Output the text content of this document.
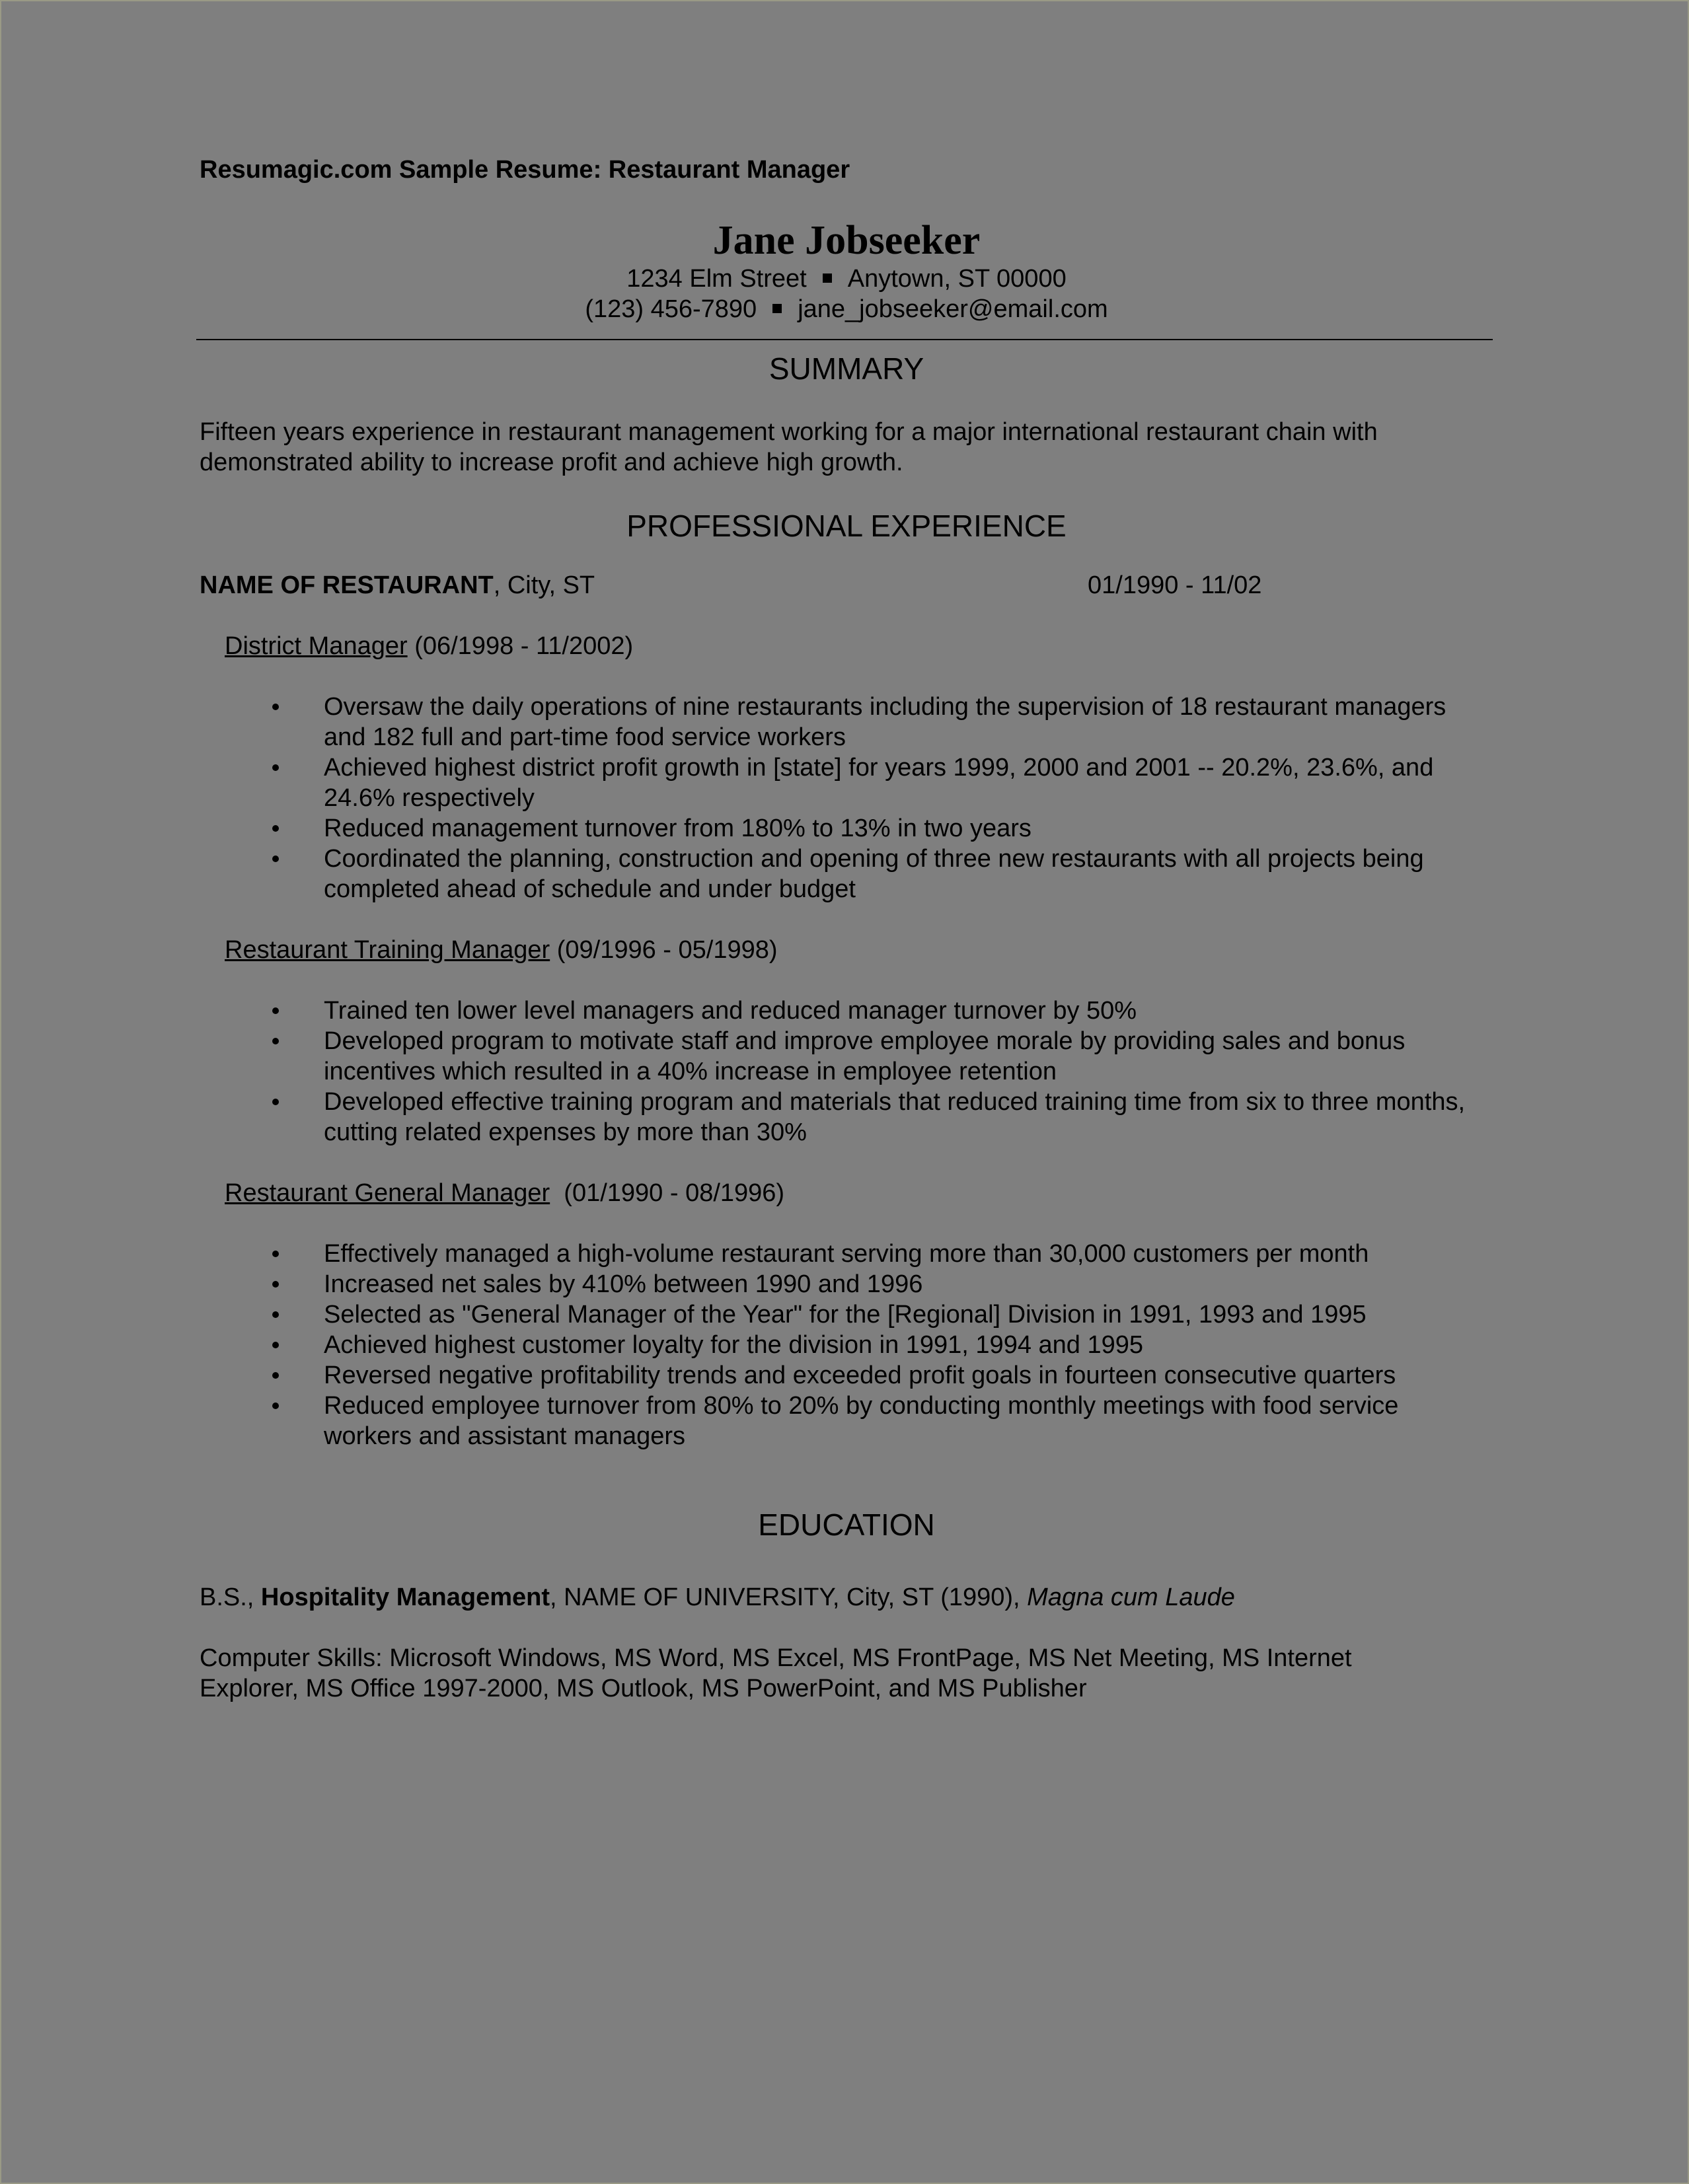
Resumagic.com Sample Resume: Restaurant Manager

Jane Jobseeker
1234 Elm Street Anytown, ST 00000
(123) 456-7890 jane_jobseeker@email.com
SUMMARY

Fifteen years experience in restaurant management working for a major international restaurant chain with demonstrated ability to increase profit and achieve high growth.

PROFESSIONAL EXPERIENCE
NAME OF RESTAURANT, City, ST	01/1990 - 11/02

District Manager (06/1998 - 11/2002)

Oversaw the daily operations of nine restaurants including the supervision of 18 restaurant managers and 182 full and part-time food service workers
Achieved highest district profit growth in [state] for years 1999, 2000 and 2001 -- 20.2%, 23.6%, and 24.6% respectively
Reduced management turnover from 180% to 13% in two years
Coordinated the planning, construction and opening of three new restaurants with all projects being completed ahead of schedule and under budget

Restaurant Training Manager (09/1996 - 05/1998)

Trained ten lower level managers and reduced manager turnover by 50%
Developed program to motivate staff and improve employee morale by providing sales and bonus incentives which resulted in a 40% increase in employee retention
Developed effective training program and materials that reduced training time from six to three months, cutting related expenses by more than 30%

Restaurant General Manager  (01/1990 - 08/1996)

Effectively managed a high-volume restaurant serving more than 30,000 customers per month
Increased net sales by 410% between 1990 and 1996
Selected as "General Manager of the Year" for the [Regional] Division in 1991, 1993 and 1995
Achieved highest customer loyalty for the division in 1991, 1994 and 1995
Reversed negative profitability trends and exceeded profit goals in fourteen consecutive quarters
Reduced employee turnover from 80% to 20% by conducting monthly meetings with food service workers and assistant managers
EDUCATION

B.S., Hospitality Management, NAME OF UNIVERSITY, City, ST (1990), Magna cum Laude

Computer Skills: Microsoft Windows, MS Word, MS Excel, MS FrontPage, MS Net Meeting, MS Internet Explorer, MS Office 1997-2000, MS Outlook, MS PowerPoint, and MS Publisher
